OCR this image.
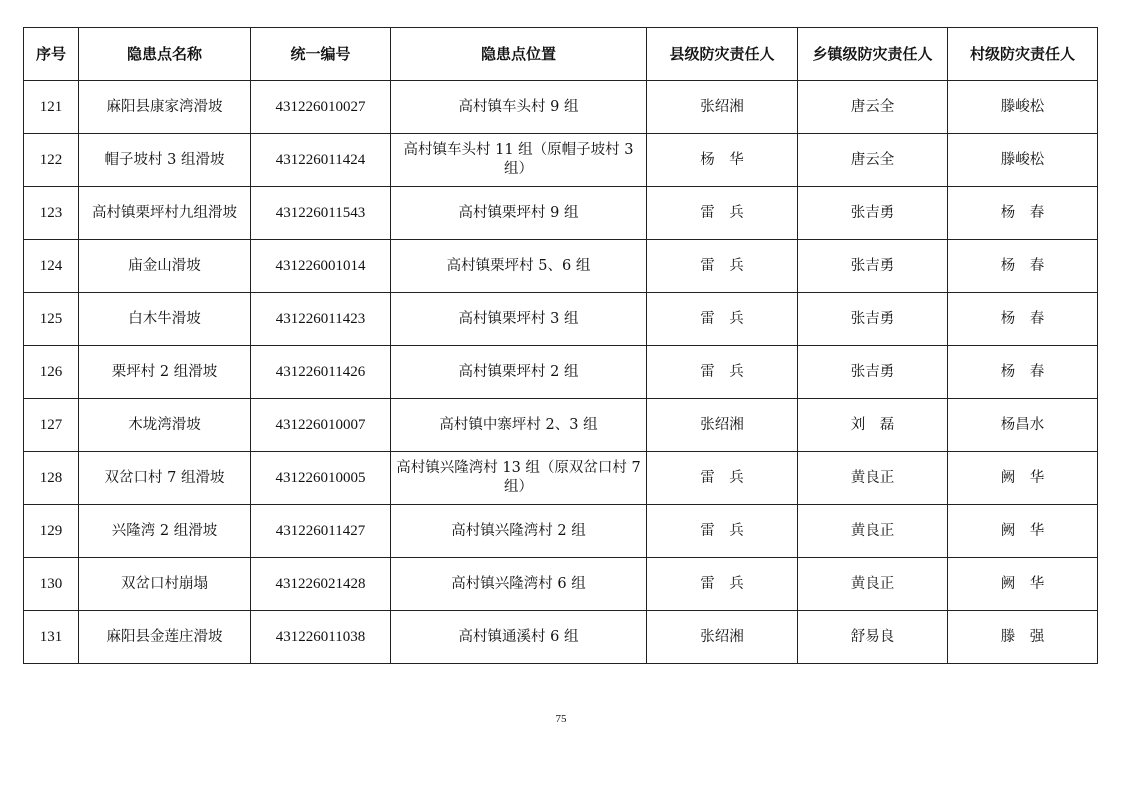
序号	隐患点名称	统一编号	隐患点位置	县级防灾责任人	乡镇级防灾责任人	村级防灾责任人
121	麻阳县康家湾滑坡	431226010027	高村镇车头村 9 组	张绍湘	唐云全	滕峻松
122	帽子坡村 3 组滑坡	431226011424	高村镇车头村 11 组（原帽子坡村 3 组）	杨　华	唐云全	滕峻松
123	高村镇栗坪村九组滑坡	431226011543	高村镇栗坪村 9 组	雷　兵	张吉勇	杨　春
124	庙金山滑坡	431226001014	高村镇栗坪村 5、6 组	雷　兵	张吉勇	杨　春
125	白木牛滑坡	431226011423	高村镇栗坪村 3 组	雷　兵	张吉勇	杨　春
126	栗坪村 2 组滑坡	431226011426	高村镇栗坪村 2 组	雷　兵	张吉勇	杨　春
127	木垅湾滑坡	431226010007	高村镇中寨坪村 2、3 组	张绍湘	刘　磊	杨昌水
128	双岔口村 7 组滑坡	431226010005	高村镇兴隆湾村 13 组（原双岔口村 7 组）	雷　兵	黄良正	阙　华
129	兴隆湾 2 组滑坡	431226011427	高村镇兴隆湾村 2 组	雷　兵	黄良正	阙　华
130	双岔口村崩塌	431226021428	高村镇兴隆湾村 6 组	雷　兵	黄良正	阙　华
131	麻阳县金莲庄滑坡	431226011038	高村镇通溪村 6 组	张绍湘	舒易良	滕　强
75
